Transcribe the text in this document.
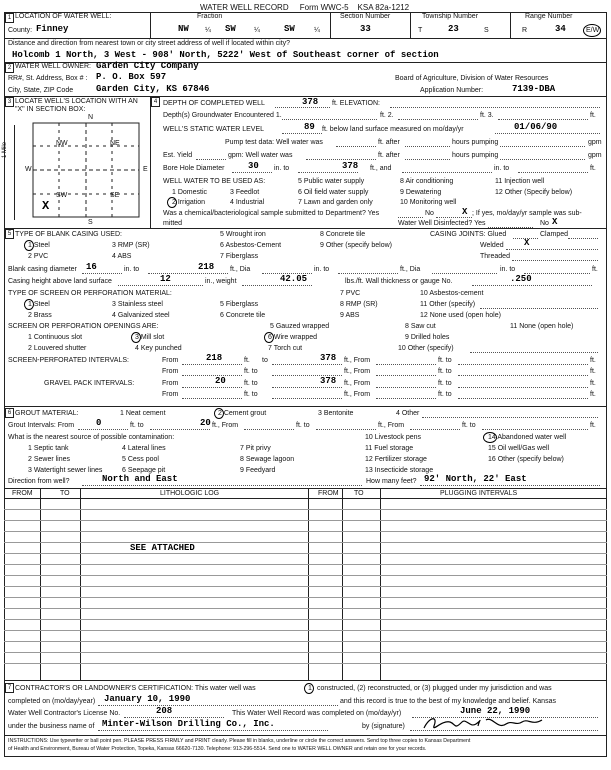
WATER WELL RECORD Form WWC-5 KSA 82a-1212
1 LOCATION OF WATER WELL:	Fraction	Section Number	Township Number	Range Number
County: Finney	NW ¼ SW	¼	SW	¼	33	T	23	S	R	34	E/W
Distance and direction from nearest town or city street address of well if located within city?
Holcomb 1 North, 3 West - 908' North, 5222' West of Southeast corner of section
2 WATER WELL OWNER: Garden City Company
RR#, St. Address, Box # : P. O. Box 597	Board of Agriculture, Division of Water Resources
City, State, ZIP Code	Garden City, KS 67846	Application Number:	7139-DBA
3 LOCATE WELL'S LOCATION WITH AN "X" IN SECTION BOX:
N
S
W	E
1 Mile	NW	NE
SW	SE
X
4 DEPTH OF COMPLETED WELL	378 ft. ELEVATION:
Depth(s) Groundwater Encountered 1.	ft. 2.	ft. 3.	ft.
WELL'S STATIC WATER LEVEL	89 ft. below land surface measured on mo/day/yr	01/06/90
Pump test data: Well water was	ft. after	hours pumping	gpm
Est. Yield	gpm: Well water was	ft. after	hours pumping	gpm
Bore Hole Diameter	30 in. to	378 ft., and	in. to	ft.
WELL WATER TO BE USED AS:	5 Public water supply	8 Air conditioning	11 Injection well
1 Domestic	3 Feedlot	6 Oil field water supply	9 Dewatering	12 Other (Specify below)
2 Irrigation	4 Industrial	7 Lawn and garden only	10 Monitoring well
Was a chemical/bacteriological sample submitted to Department? Yes	No	X ; If yes, mo/day/yr sample was sub-
mitted	Water Well Disinfected? Yes	No X
5 TYPE OF BLANK CASING USED:	5 Wrought iron	8 Concrete tile	CASING JOINTS: Glued	Clamped
1 Steel	3 RMP (SR)	6 Asbestos-Cement	9 Other (specify below)	Welded X
2 PVC	4 ABS	7 Fiberglass	Threaded
Blank casing diameter 16	in. to	218 ft., Dia	in. to	ft., Dia	in. to	ft.
Casing height above land surface	12	in., weight	42.05	lbs./ft. Wall thickness or gauge No.	.250
TYPE OF SCREEN OR PERFORATION MATERIAL:	7 PVC	10 Asbestos-cement
1 Steel	3 Stainless steel	5 Fiberglass	8 RMP (SR)	11 Other (specify)
2 Brass	4 Galvanized steel	6 Concrete tile	9 ABS	12 None used (open hole)
SCREEN OR PERFORATION OPENINGS ARE:	5 Gauzed wrapped	8 Saw cut	11 None (open hole)
1 Continuous slot	3 Mill slot	6 Wire wrapped	9 Drilled holes
2 Louvered shutter	4 Key punched	7 Torch cut	10 Other (specify)
SCREEN-PERFORATED INTERVALS:	From	218	ft. to	378 ft., From	ft. to	ft.
From	ft. to	ft., From	ft. to	ft.
GRAVEL PACK INTERVALS:	From	20	ft. to	378 ft., From	ft. to	ft.
From	ft. to	ft., From	ft. to	ft.
6 GROUT MATERIAL:	1 Neat cement	2 Cement grout	3 Bentonite	4 Other
Grout Intervals: From 0	ft. to	20 ft., From	ft. to	ft., From	ft. to	ft.
What is the nearest source of possible contamination:	10 Livestock pens	14 Abandoned water well
1 Septic tank	4 Lateral lines	7 Pit privy	11 Fuel storage	15 Oil well/Gas well
2 Sewer lines	5 Cess pool	8 Sewage lagoon	12 Fertilizer storage	16 Other (specify below)
3 Watertight sewer lines	6 Seepage pit	9 Feedyard	13 Insecticide storage
Direction from well?	North and East	How many feet? 92' North, 22' East
FROM	TO	LITHOLOGIC LOG	FROM TO	PLUGGING INTERVALS
SEE ATTACHED
7 CONTRACTOR'S OR LANDOWNER'S CERTIFICATION: This water well was	1 constructed, (2) reconstructed, or (3) plugged under my jurisdiction and was
completed on (mo/day/year) January 10, 1990	and this record is true to the best of my knowledge and belief. Kansas
Water Well Contractor's License No.	208	This Water Well Record was completed on (mo/day/yr)	June 22, 1990
under the business name of Minter-Wilson Drilling Co., Inc.	by (signature)
INSTRUCTIONS: Use typewriter or ball point pen. PLEASE PRESS FIRMLY and PRINT clearly. Please fill in blanks, underline or circle the correct answers. Send top three copies to Kansas Department
of Health and Environment, Bureau of Water Protection, Topeka, Kansas 66620-7130. Telephone: 913-296-5514. Send one to WATER WELL OWNER and retain one for your records.
